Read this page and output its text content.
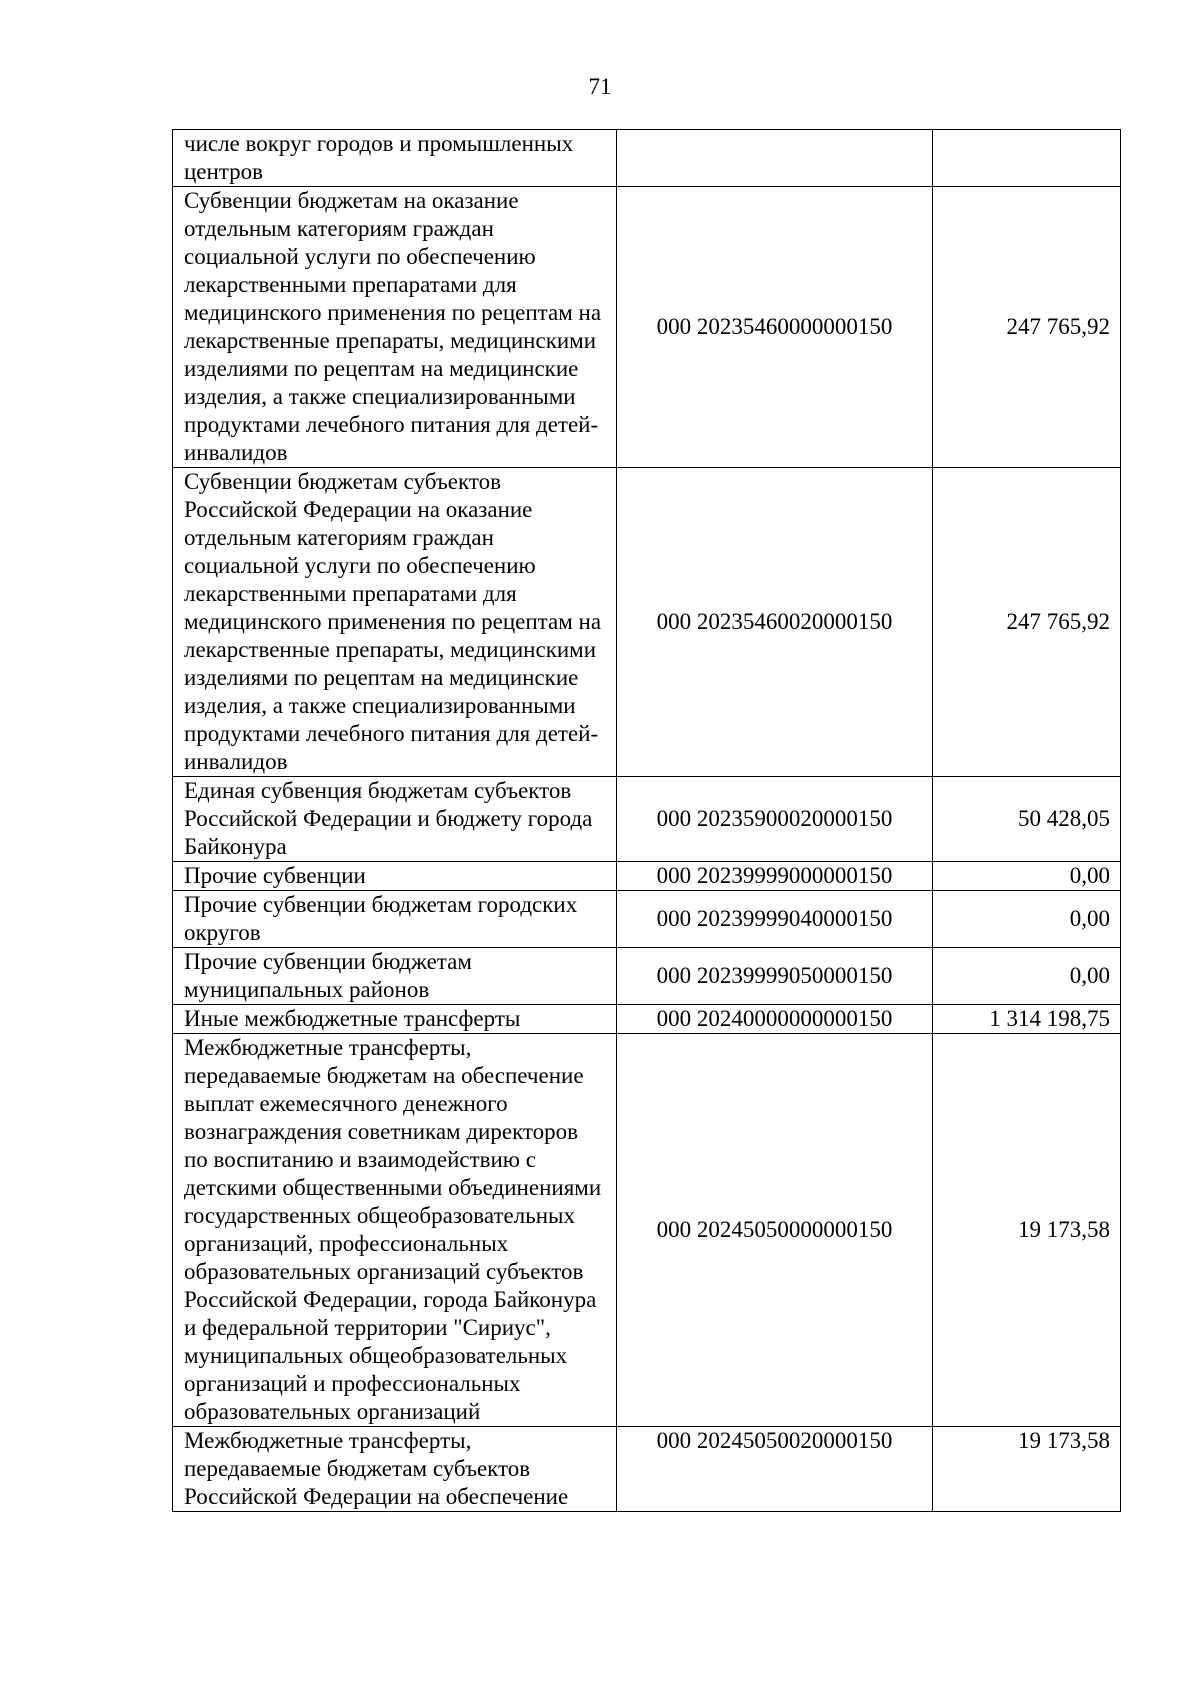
71
числе вокруг городов и промышленных центров		
Субвенции бюджетам на оказание отдельным категориям граждан социальной услуги по обеспечению лекарственными препаратами для медицинского применения по рецептам на лекарственные препараты, медицинскими изделиями по рецептам на медицинские изделия, а также специализированными продуктами лечебного питания для детей-инвалидов	000 20235460000000150	247 765,92
Субвенции бюджетам субъектов Российской Федерации на оказание отдельным категориям граждан социальной услуги по обеспечению лекарственными препаратами для медицинского применения по рецептам на лекарственные препараты, медицинскими изделиями по рецептам на медицинские изделия, а также специализированными продуктами лечебного питания для детей-инвалидов	000 20235460020000150	247 765,92
Единая субвенция бюджетам субъектов Российской Федерации и бюджету города Байконура	000 20235900020000150	50 428,05
Прочие субвенции	000 20239999000000150	0,00
Прочие субвенции бюджетам городских округов	000 20239999040000150	0,00
Прочие субвенции бюджетам муниципальных районов	000 20239999050000150	0,00
Иные межбюджетные трансферты	000 20240000000000150	1 314 198,75
Межбюджетные трансферты, передаваемые бюджетам на обеспечение выплат ежемесячного денежного вознаграждения советникам директоров по воспитанию и взаимодействию с детскими общественными объединениями государственных общеобразовательных организаций, профессиональных образовательных организаций субъектов Российской Федерации, города Байконура и федеральной территории "Сириус", муниципальных общеобразовательных организаций и профессиональных образовательных организаций	000 20245050000000150	19 173,58
Межбюджетные трансферты, передаваемые бюджетам субъектов Российской Федерации на обеспечение	000 20245050020000150	19 173,58
